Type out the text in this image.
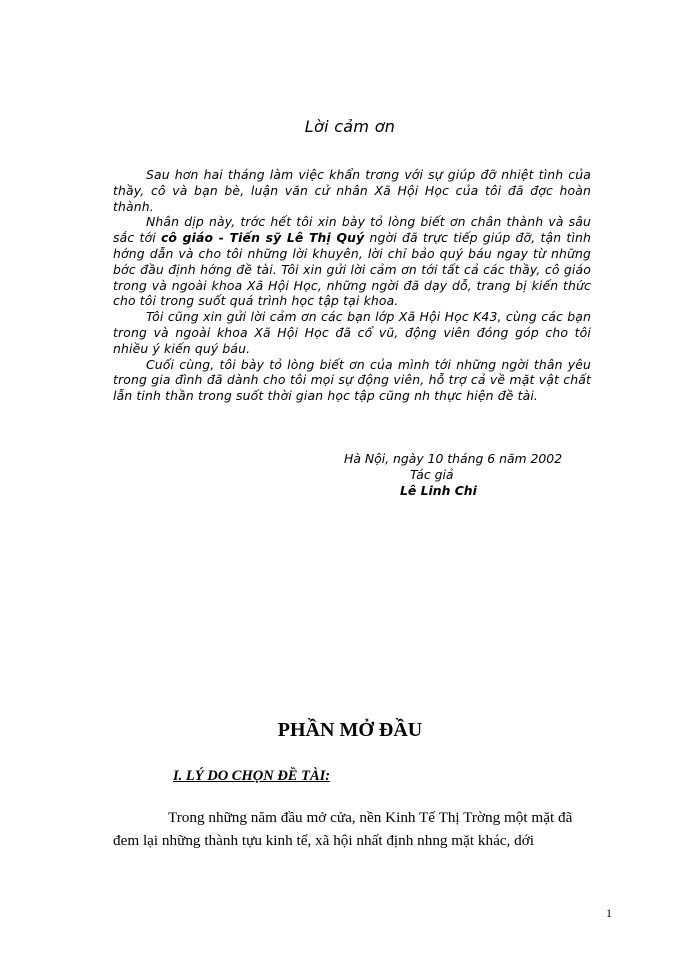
Lời cảm ơn

Sau hơn hai tháng làm việc khẩn trơng với sự giúp đỡ nhiệt tình của thầy, cô và bạn bè, luận văn cử nhân Xã Hội Học của tôi đã đợc hoàn thành.

Nhân dịp này, trớc hết tôi xin bày tỏ lòng biết ơn chân thành và sâu sắc tới cô giáo - Tiến sỹ Lê Thị Quý ngời đã trực tiếp giúp đỡ, tận tình hớng dẫn và cho tôi những lời khuyên, lời chỉ bảo quý báu ngay từ những bớc đầu định hớng đề tài. Tôi xin gửi lời cảm ơn tới tất cả các thầy, cô giáo trong và ngoài khoa Xã Hội Học, những ngời đã dạy dỗ, trang bị kiến thức cho tôi trong suốt quá trình học tập tại khoa.

Tôi cũng xin gửi lời cảm ơn các bạn lớp Xã Hội Học K43, cùng các bạn trong và ngoài khoa Xã Hội Học đã cổ vũ, động viên đóng góp cho tôi nhiều ý kiến quý báu.

Cuối cùng, tôi bày tỏ lòng biết ơn của mình tới những ngời thân yêu trong gia đình đã dành cho tôi mọi sự động viên, hỗ trợ cả về mặt vật chất lẫn tinh thần trong suốt thời gian học tập cũng nh thực hiện đề tài.

Hà Nội, ngày 10 tháng 6 năm 2002
Tác giả
Lê Linh Chi
PHẦN MỞ ĐẦU
I. LÝ DO CHỌN ĐỀ TÀI:

Trong những năm đầu mở cửa, nền Kinh Tế Thị Trờng một mặt đã
đem lại những thành tựu kinh tế, xã hội nhất định nhng mặt khác, dới

1
